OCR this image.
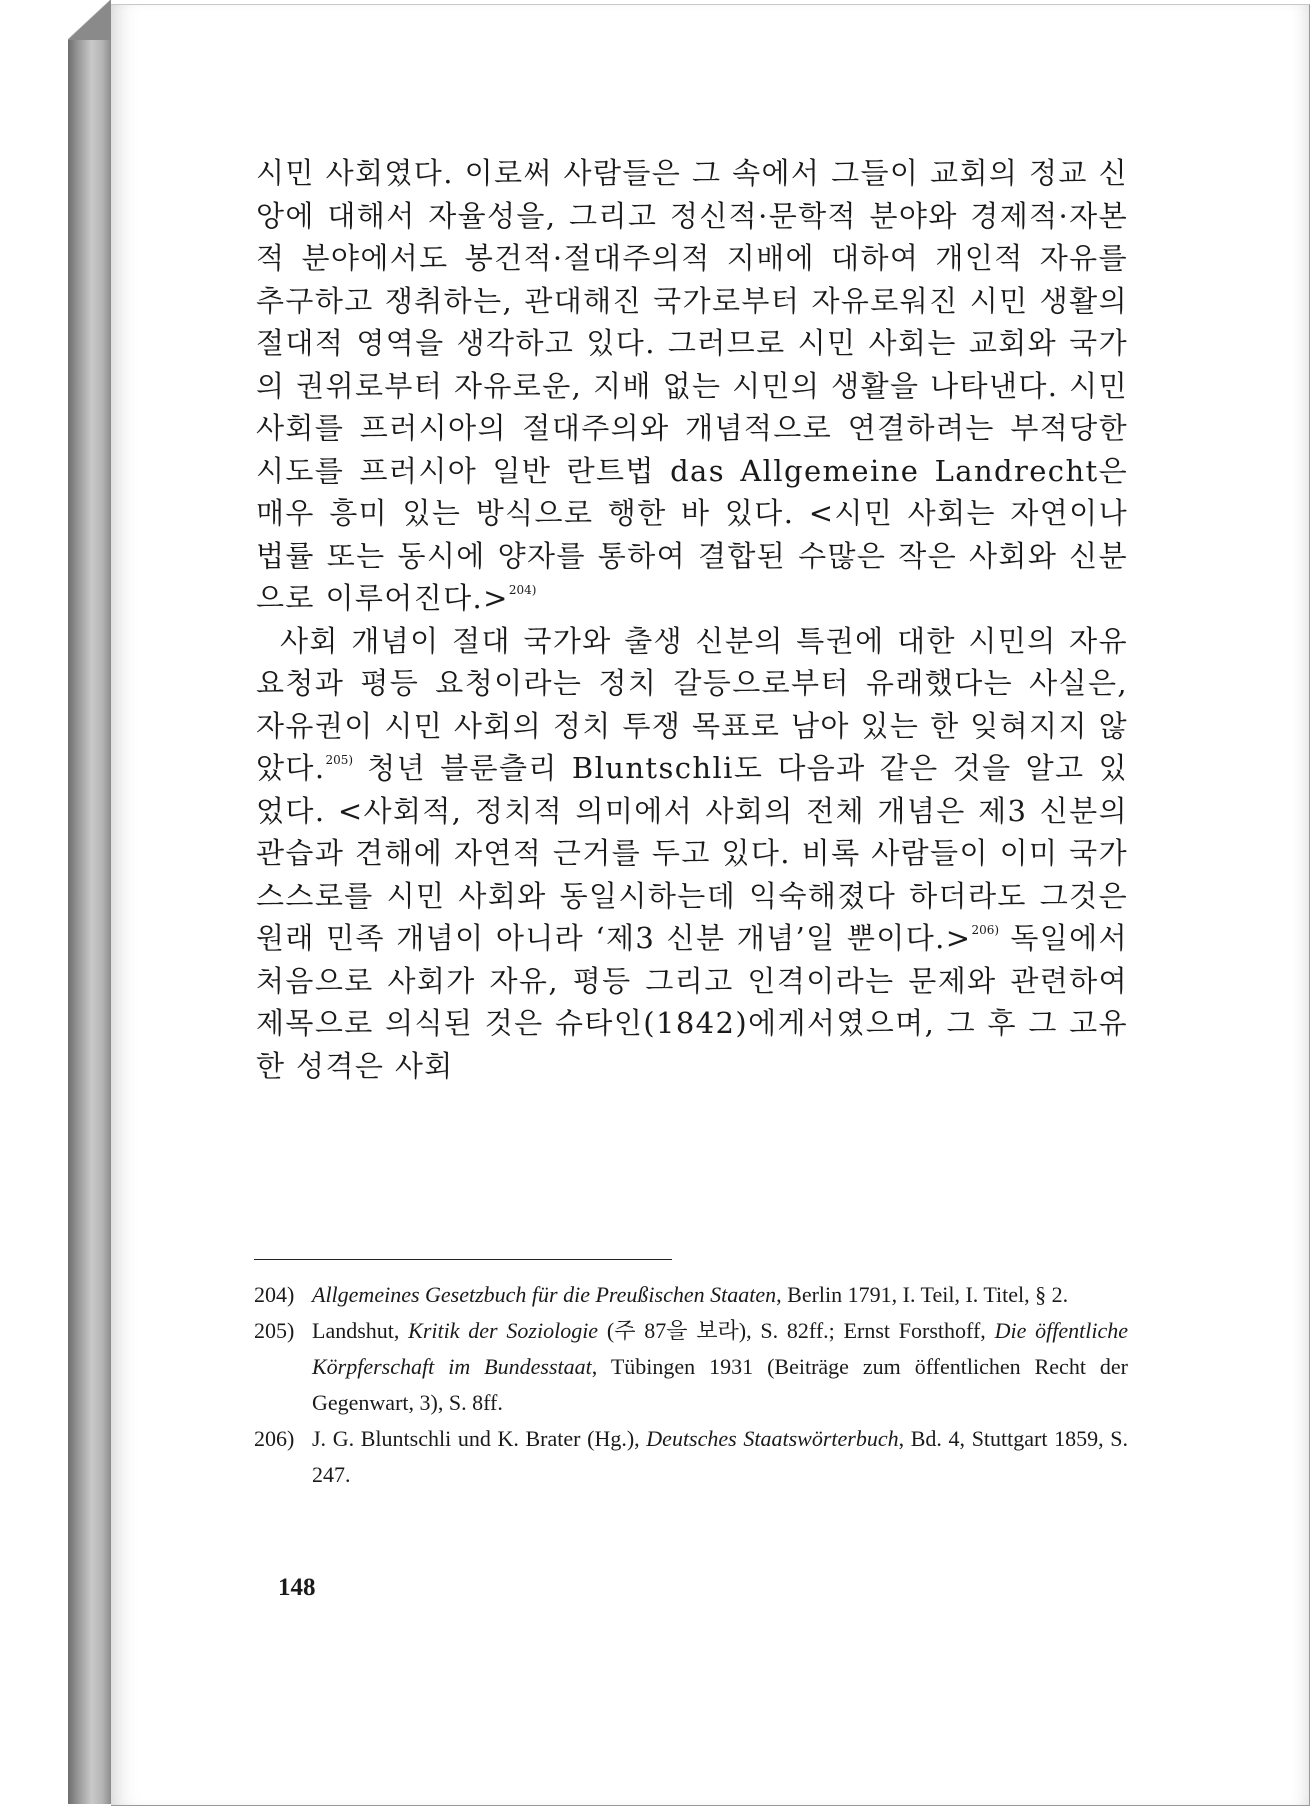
시민 사회였다. 이로써 사람들은 그 속에서 그들이 교회의 정교 신앙에 대해서 자율성을, 그리고 정신적·문학적 분야와 경제적·자본적 분야에서도 봉건적·절대주의적 지배에 대하여 개인적 자유를 추구하고 쟁취하는, 관대해진 국가로부터 자유로워진 시민 생활의 절대적 영역을 생각하고 있다. 그러므로 시민 사회는 교회와 국가의 권위로부터 자유로운, 지배 없는 시민의 생활을 나타낸다. 시민 사회를 프러시아의 절대주의와 개념적으로 연결하려는 부적당한 시도를 프러시아 일반 란트법 das Allgemeine Landrecht은 매우 흥미 있는 방식으로 행한 바 있다. <시민 사회는 자연이나 법률 또는 동시에 양자를 통하여 결합된 수많은 작은 사회와 신분으로 이루어진다.>$^{204)}$

사회 개념이 절대 국가와 출생 신분의 특권에 대한 시민의 자유 요청과 평등 요청이라는 정치 갈등으로부터 유래했다는 사실은, 자유권이 시민 사회의 정치 투쟁 목표로 남아 있는 한 잊혀지지 않았다.$^{205)}$ 청년 블룬츨리 Bluntschli도 다음과 같은 것을 알고 있었다. <사회적, 정치적 의미에서 사회의 전체 개념은 제3 신분의 관습과 견해에 자연적 근거를 두고 있다. 비록 사람들이 이미 국가 스스로를 시민 사회와 동일시하는데 익숙해졌다 하더라도 그것은 원래 민족 개념이 아니라 ‘제3 신분 개념’일 뿐이다.>$^{206)}$ 독일에서 처음으로 사회가 자유, 평등 그리고 인격이라는 문제와 관련하여 제목으로 의식된 것은 슈타인(1842)에게서였으며, 그 후 그 고유한 성격은 사회

204) Allgemeines Gesetzbuch für die Preußischen Staaten, Berlin 1791, I. Teil, I. Titel, § 2.
205) Landshut, Kritik der Soziologie (주 87을 보라), S. 82ff.; Ernst Forsthoff, Die öffentliche Körpferschaft im Bundesstaat, Tübingen 1931 (Beiträge zum öffentlichen Recht der Gegenwart, 3), S. 8ff.
206) J. G. Bluntschli und K. Brater (Hg.), Deutsches Staatswörterbuch, Bd. 4, Stuttgart 1859, S. 247.
148
